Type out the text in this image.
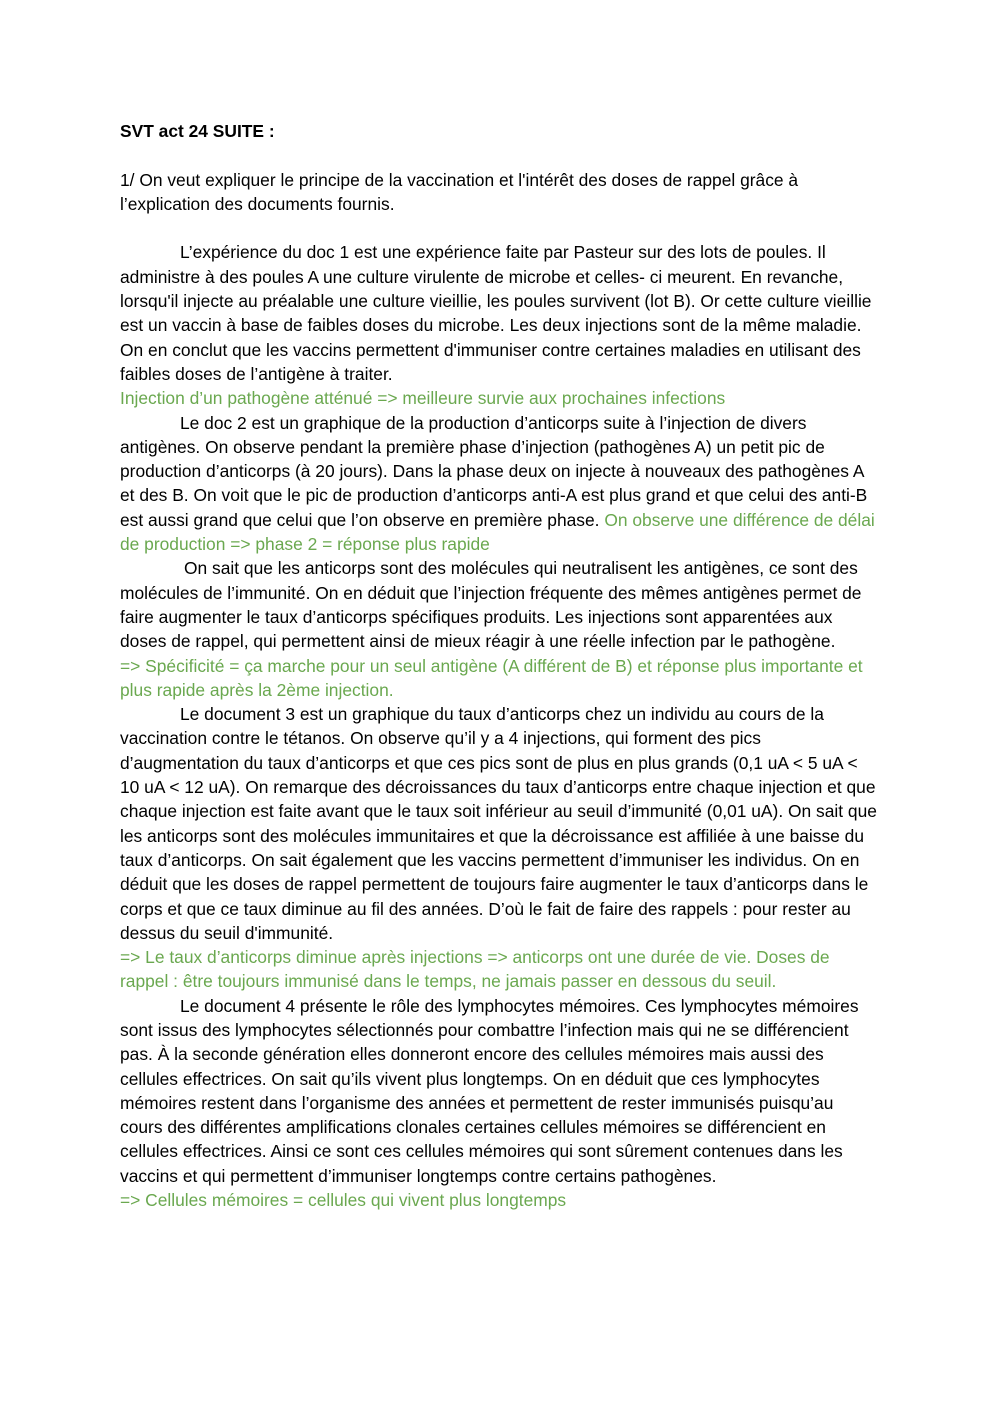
SVT act 24 SUITE :

1/ On veut expliquer le principe de la vaccination et l'intérêt des doses de rappel grâce à l’explication des documents fournis.

L’expérience du doc 1 est une expérience faite par Pasteur sur des lots de poules. Il administre à des poules A une culture virulente de microbe et celles- ci meurent. En revanche, lorsqu'il injecte au préalable une culture vieillie, les poules survivent (lot B). Or cette culture vieillie est un vaccin à base de faibles doses du microbe. Les deux injections sont de la même maladie. On en conclut que les vaccins permettent d'immuniser contre certaines maladies en utilisant des faibles doses de l’antigène à traiter.

Injection d’un pathogène atténué => meilleure survie aux prochaines infections

Le doc 2 est un graphique de la production d’anticorps suite à l’injection de divers antigènes. On observe pendant la première phase d’injection (pathogènes A) un petit pic de production d’anticorps (à 20 jours). Dans la phase deux on injecte à nouveaux des pathogènes A et des B. On voit que le pic de production d’anticorps anti-A est plus grand et que celui des anti-B est aussi grand que celui que l’on observe en première phase. On observe une différence de délai de production => phase 2 = réponse plus rapide

On sait que les anticorps sont des molécules qui neutralisent les antigènes, ce sont des molécules de l’immunité. On en déduit que l’injection fréquente des mêmes antigènes permet de faire augmenter le taux d’anticorps spécifiques produits. Les injections sont apparentées aux doses de rappel, qui permettent ainsi de mieux réagir à une réelle infection par le pathogène.

=> Spécificité = ça marche pour un seul antigène (A différent de B) et réponse plus importante et plus rapide après la 2ème injection.

Le document 3 est un graphique du taux d’anticorps chez un individu au cours de la vaccination contre le tétanos. On observe qu’il y a 4 injections, qui forment des pics d’augmentation du taux d’anticorps et que ces pics sont de plus en plus grands (0,1 uA < 5 uA < 10 uA < 12 uA). On remarque des décroissances du taux d’anticorps entre chaque injection et que chaque injection est faite avant que le taux soit inférieur au seuil d’immunité (0,01 uA). On sait que les anticorps sont des molécules immunitaires et que la décroissance est affiliée à une baisse du taux d’anticorps. On sait également que les vaccins permettent d’immuniser les individus. On en déduit que les doses de rappel permettent de toujours faire augmenter le taux d’anticorps dans le corps et que ce taux diminue au fil des années. D’où le fait de faire des rappels : pour rester au dessus du seuil d'immunité.

=> Le taux d’anticorps diminue après injections => anticorps ont une durée de vie. Doses de rappel : être toujours immunisé dans le temps, ne jamais passer en dessous du seuil.

Le document 4 présente le rôle des lymphocytes mémoires. Ces lymphocytes mémoires sont issus des lymphocytes sélectionnés pour combattre l’infection mais qui ne se différencient pas. À la seconde génération elles donneront encore des cellules mémoires mais aussi des cellules effectrices. On sait qu’ils vivent plus longtemps. On en déduit que ces lymphocytes mémoires restent dans l’organisme des années et permettent de rester immunisés puisqu’au cours des différentes amplifications clonales certaines cellules mémoires se différencient en cellules effectrices. Ainsi ce sont ces cellules mémoires qui sont sûrement contenues dans les vaccins et qui permettent d’immuniser longtemps contre certains pathogènes.

=> Cellules mémoires = cellules qui vivent plus longtemps
